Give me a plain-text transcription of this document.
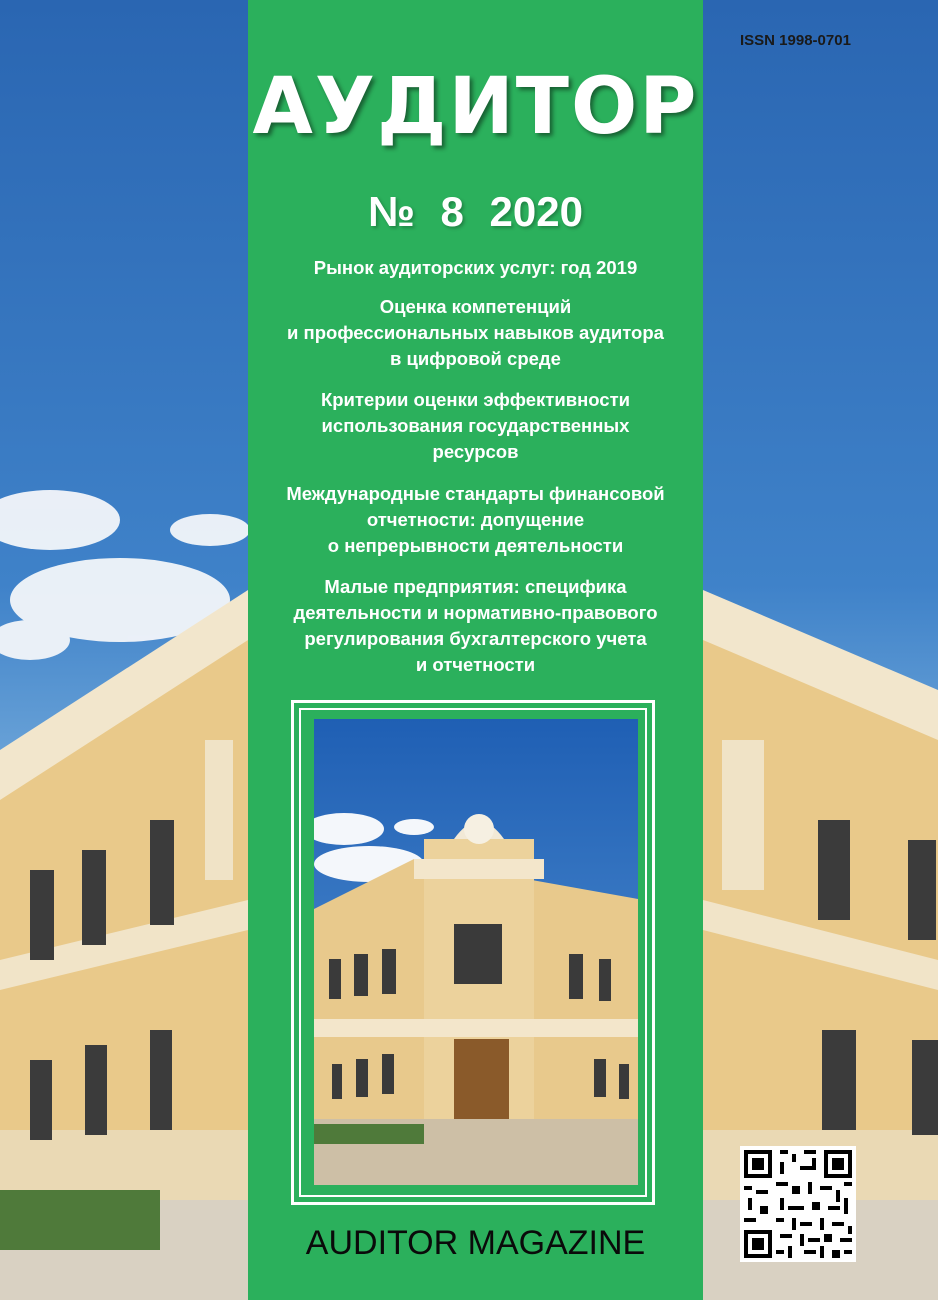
ISSN 1998-0701
АУДИТОР
№ 8 2020
Рынок аудиторских услуг: год 2019
Оценка компетенций
и профессиональных навыков аудитора
в цифровой среде
Критерии оценки эффективности
использования государственных
ресурсов
Международные стандарты финансовой
отчетности: допущение
о непрерывности деятельности
Малые предприятия: специфика
деятельности и нормативно-правового
регулирования бухгалтерского учета
и отчетности
AUDITOR MAGAZINE
